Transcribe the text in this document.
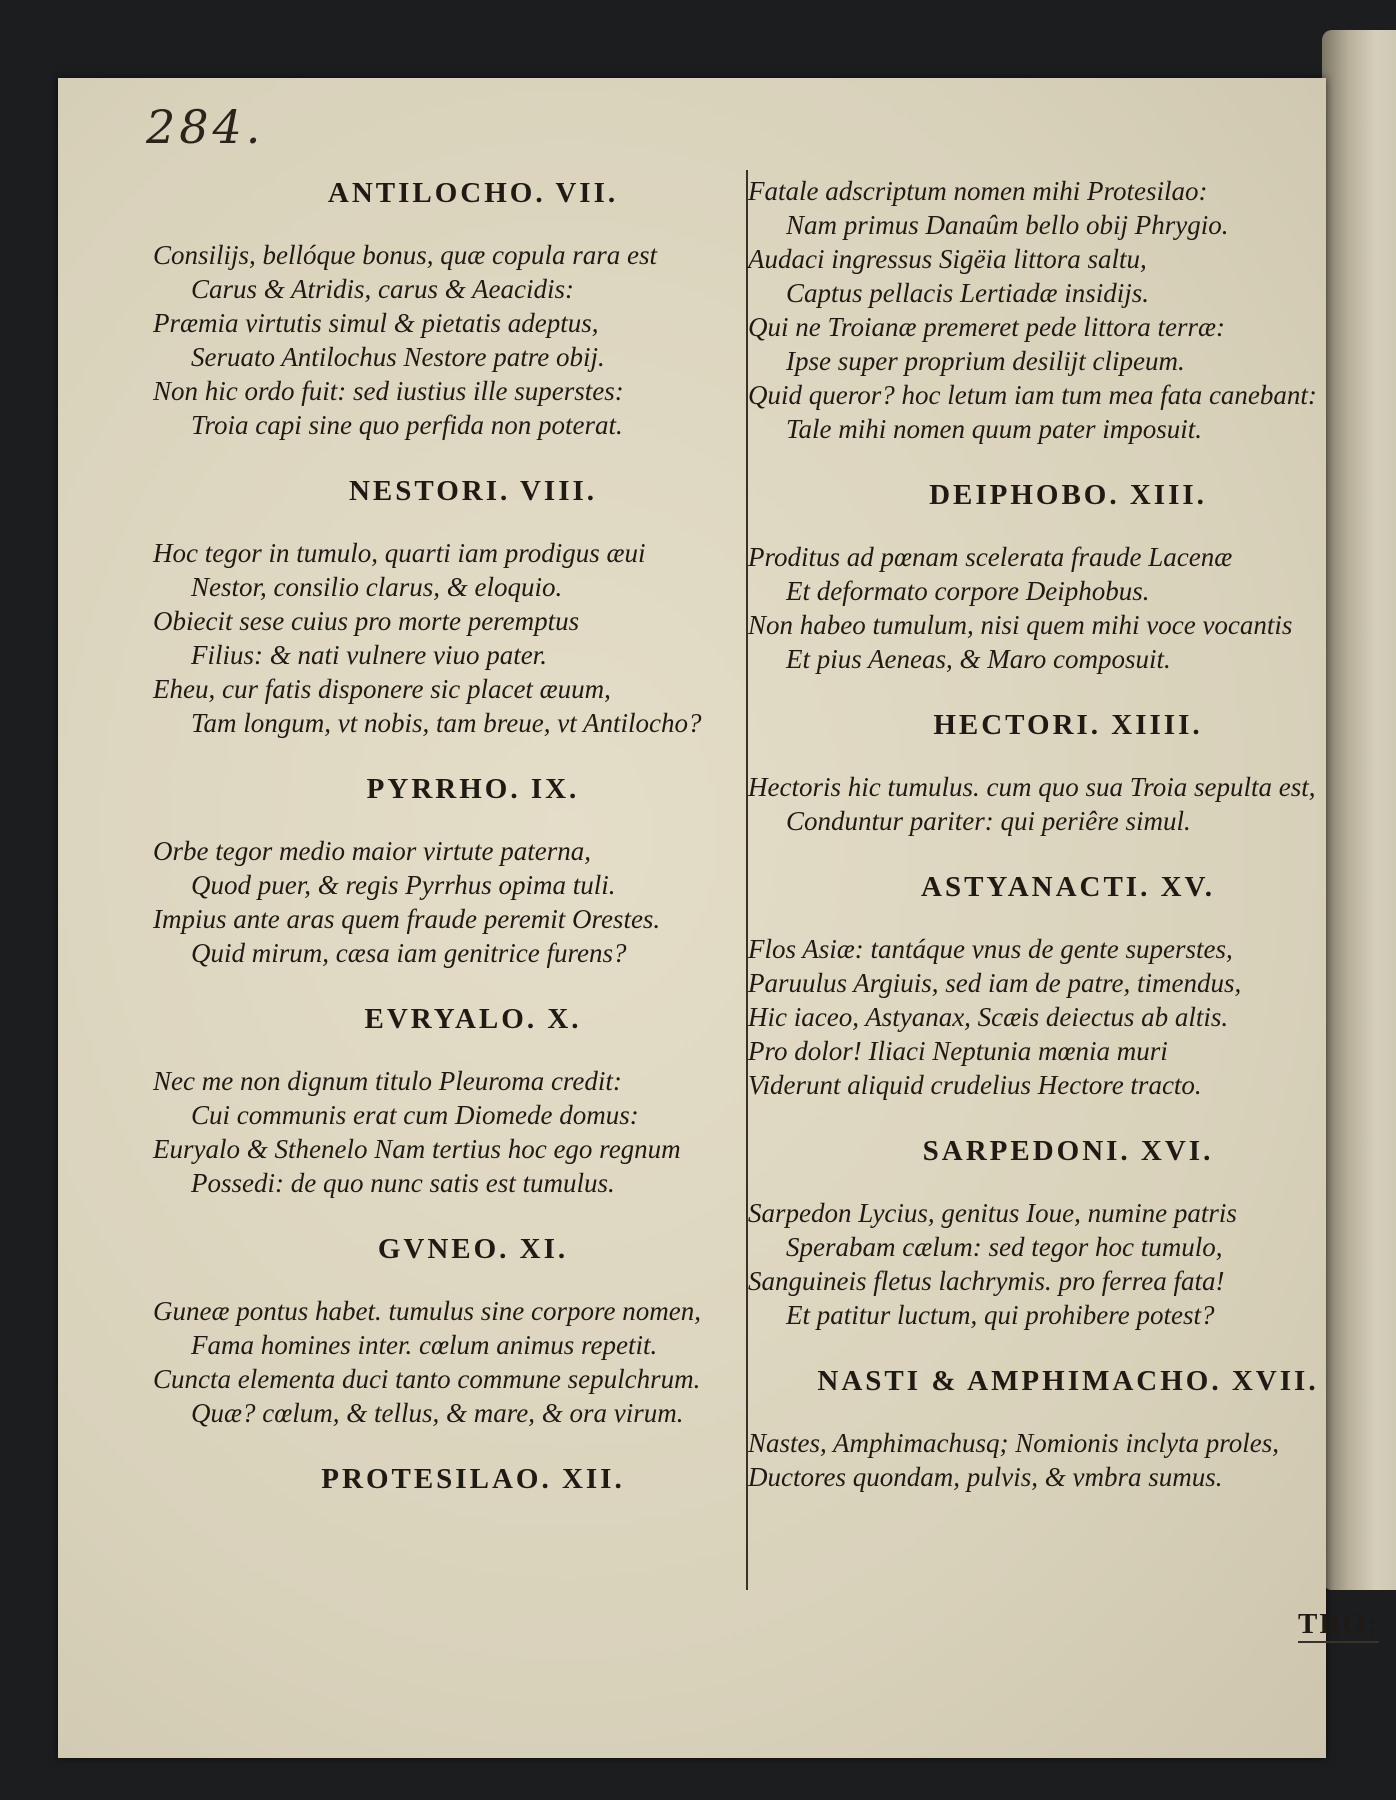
284.
ANTILOCHO. VII.

Consilijs, bellóque bonus, quæ copula rara est

Carus & Atridis, carus & Aeacidis:

Præmia virtutis simul & pietatis adeptus,

Seruato Antilochus Nestore patre obij.

Non hic ordo fuit: sed iustius ille superstes:

Troia capi sine quo perfida non poterat.

NESTORI. VIII.

Hoc tegor in tumulo, quarti iam prodigus æui

Nestor, consilio clarus, & eloquio.

Obiecit sese cuius pro morte peremptus

Filius: & nati vulnere viuo pater.

Eheu, cur fatis disponere sic placet æuum,

Tam longum, vt nobis, tam breue, vt Antilocho?

PYRRHO. IX.

Orbe tegor medio maior virtute paterna,

Quod puer, & regis Pyrrhus opima tuli.

Impius ante aras quem fraude peremit Orestes.

Quid mirum, cæsa iam genitrice furens?

EVRYALO. X.

Nec me non dignum titulo Pleuroma credit:

Cui communis erat cum Diomede domus:

Euryalo & Sthenelo Nam tertius hoc ego regnum

Possedi: de quo nunc satis est tumulus.

GVNEO. XI.

Guneæ pontus habet. tumulus sine corpore nomen,

Fama homines inter. cœlum animus repetit.

Cuncta elementa duci tanto commune sepulchrum.

Quæ? cœlum, & tellus, & mare, & ora virum.

PROTESILAO. XII.

Fatale adscriptum nomen mihi Protesilao:

Nam primus Danaûm bello obij Phrygio.

Audaci ingressus Sigëia littora saltu,

Captus pellacis Lertiadæ insidijs.

Qui ne Troianæ premeret pede littora terræ:

Ipse super proprium desilijt clipeum.

Quid queror? hoc letum iam tum mea fata canebant:

Tale mihi nomen quum pater imposuit.

DEIPHOBO. XIII.

Proditus ad pœnam scelerata fraude Lacenæ

Et deformato corpore Deiphobus.

Non habeo tumulum, nisi quem mihi voce vocantis

Et pius Aeneas, & Maro composuit.

HECTORI. XIIII.

Hectoris hic tumulus. cum quo sua Troia sepulta est,

Conduntur pariter: qui periêre simul.

ASTYANACTI. XV.

Flos Asiæ: tantáque vnus de gente superstes,

Paruulus Argiuis, sed iam de patre, timendus,

Hic iaceo, Astyanax, Scæis deiectus ab altis.

Pro dolor! Iliaci Neptunia mœnia muri

Viderunt aliquid crudelius Hectore tracto.

SARPEDONI. XVI.

Sarpedon Lycius, genitus Ioue, numine patris

Sperabam cælum: sed tegor hoc tumulo,

Sanguineis fletus lachrymis. pro ferrea fata!

Et patitur luctum, qui prohibere potest?

NASTI & AMPHIMACHO. XVII.

Nastes, Amphimachusq; Nomionis inclyta proles,

Ductores quondam, pulvis, & vmbra sumus.

TRO:
